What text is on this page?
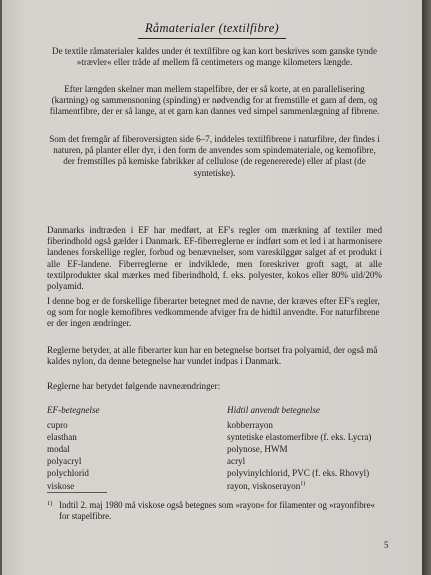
Råmaterialer (textilfibre)

De textile råmaterialer kaldes under ét textilfibre og kan kort beskrives som ganske tynde »trævler« eller tråde af mellem få centimeters og mange kilometers længde.

Efter længden skelner man mellem stapelfibre, der er så korte, at en parallelisering (kartning) og sammensnoning (spinding) er nødvendig for at fremstille et garn af dem, og filamentfibre, der er så lange, at et garn kan dannes ved simpel sammenlægning af fibrene.

Som det fremgår af fiberoversigten side 6–7, inddeles textilfibrene i naturfibre, der findes i naturen, på planter eller dyr, i den form de anvendes som spindemateriale, og kemofibre, der fremstilles på kemiske fabrikker af cellulose (de regenererede) eller af plast (de syntetiske).

Danmarks indtræden i EF har medført, at EF's regler om mærkning af textiler med fiberindhold også gælder i Danmark. EF-fiberreglerne er indført som et led i at harmonisere landenes forskellige regler, forbud og benævnelser, som vareskilggør salget af et produkt i alle EF-landene. Fiberreglerne er indviklede, men foreskriver groft sagt, at alle textilprodukter skal mærkes med fiberindhold, f. eks. polyester, kokos eller 80% uld/20% polyamid.

I denne bog er de forskellige fiberarter betegnet med de navne, der kræves efter EF's regler, og som for nogle kemofibres vedkommende afviger fra de hidtil anvendte. For naturfibrene er der ingen ændringer.

Reglerne betyder, at alle fiberarter kun har en betegnelse bortset fra polyamid, der også må kaldes nylon, da denne betegnelse har vundet indpas i Danmark.

Reglerne har betydet følgende navneændringer:

EF-betegnelse
cupro
elasthan
modal
polyacryl
polychlorid
viskose
Hidtil anvendt betegnelse
kobberrayon
syntetiske elastomerfibre (f. eks. Lycra)
polynose, HWM
acryl
polyvinylchlorid, PVC (f. eks. Rhovyl)
rayon, viskoserayon$^{1)}$
1) Indtil 2. maj 1980 må viskose også betegnes som »rayon« for filamenter og »rayonfibre« for stapelfibre.
5
